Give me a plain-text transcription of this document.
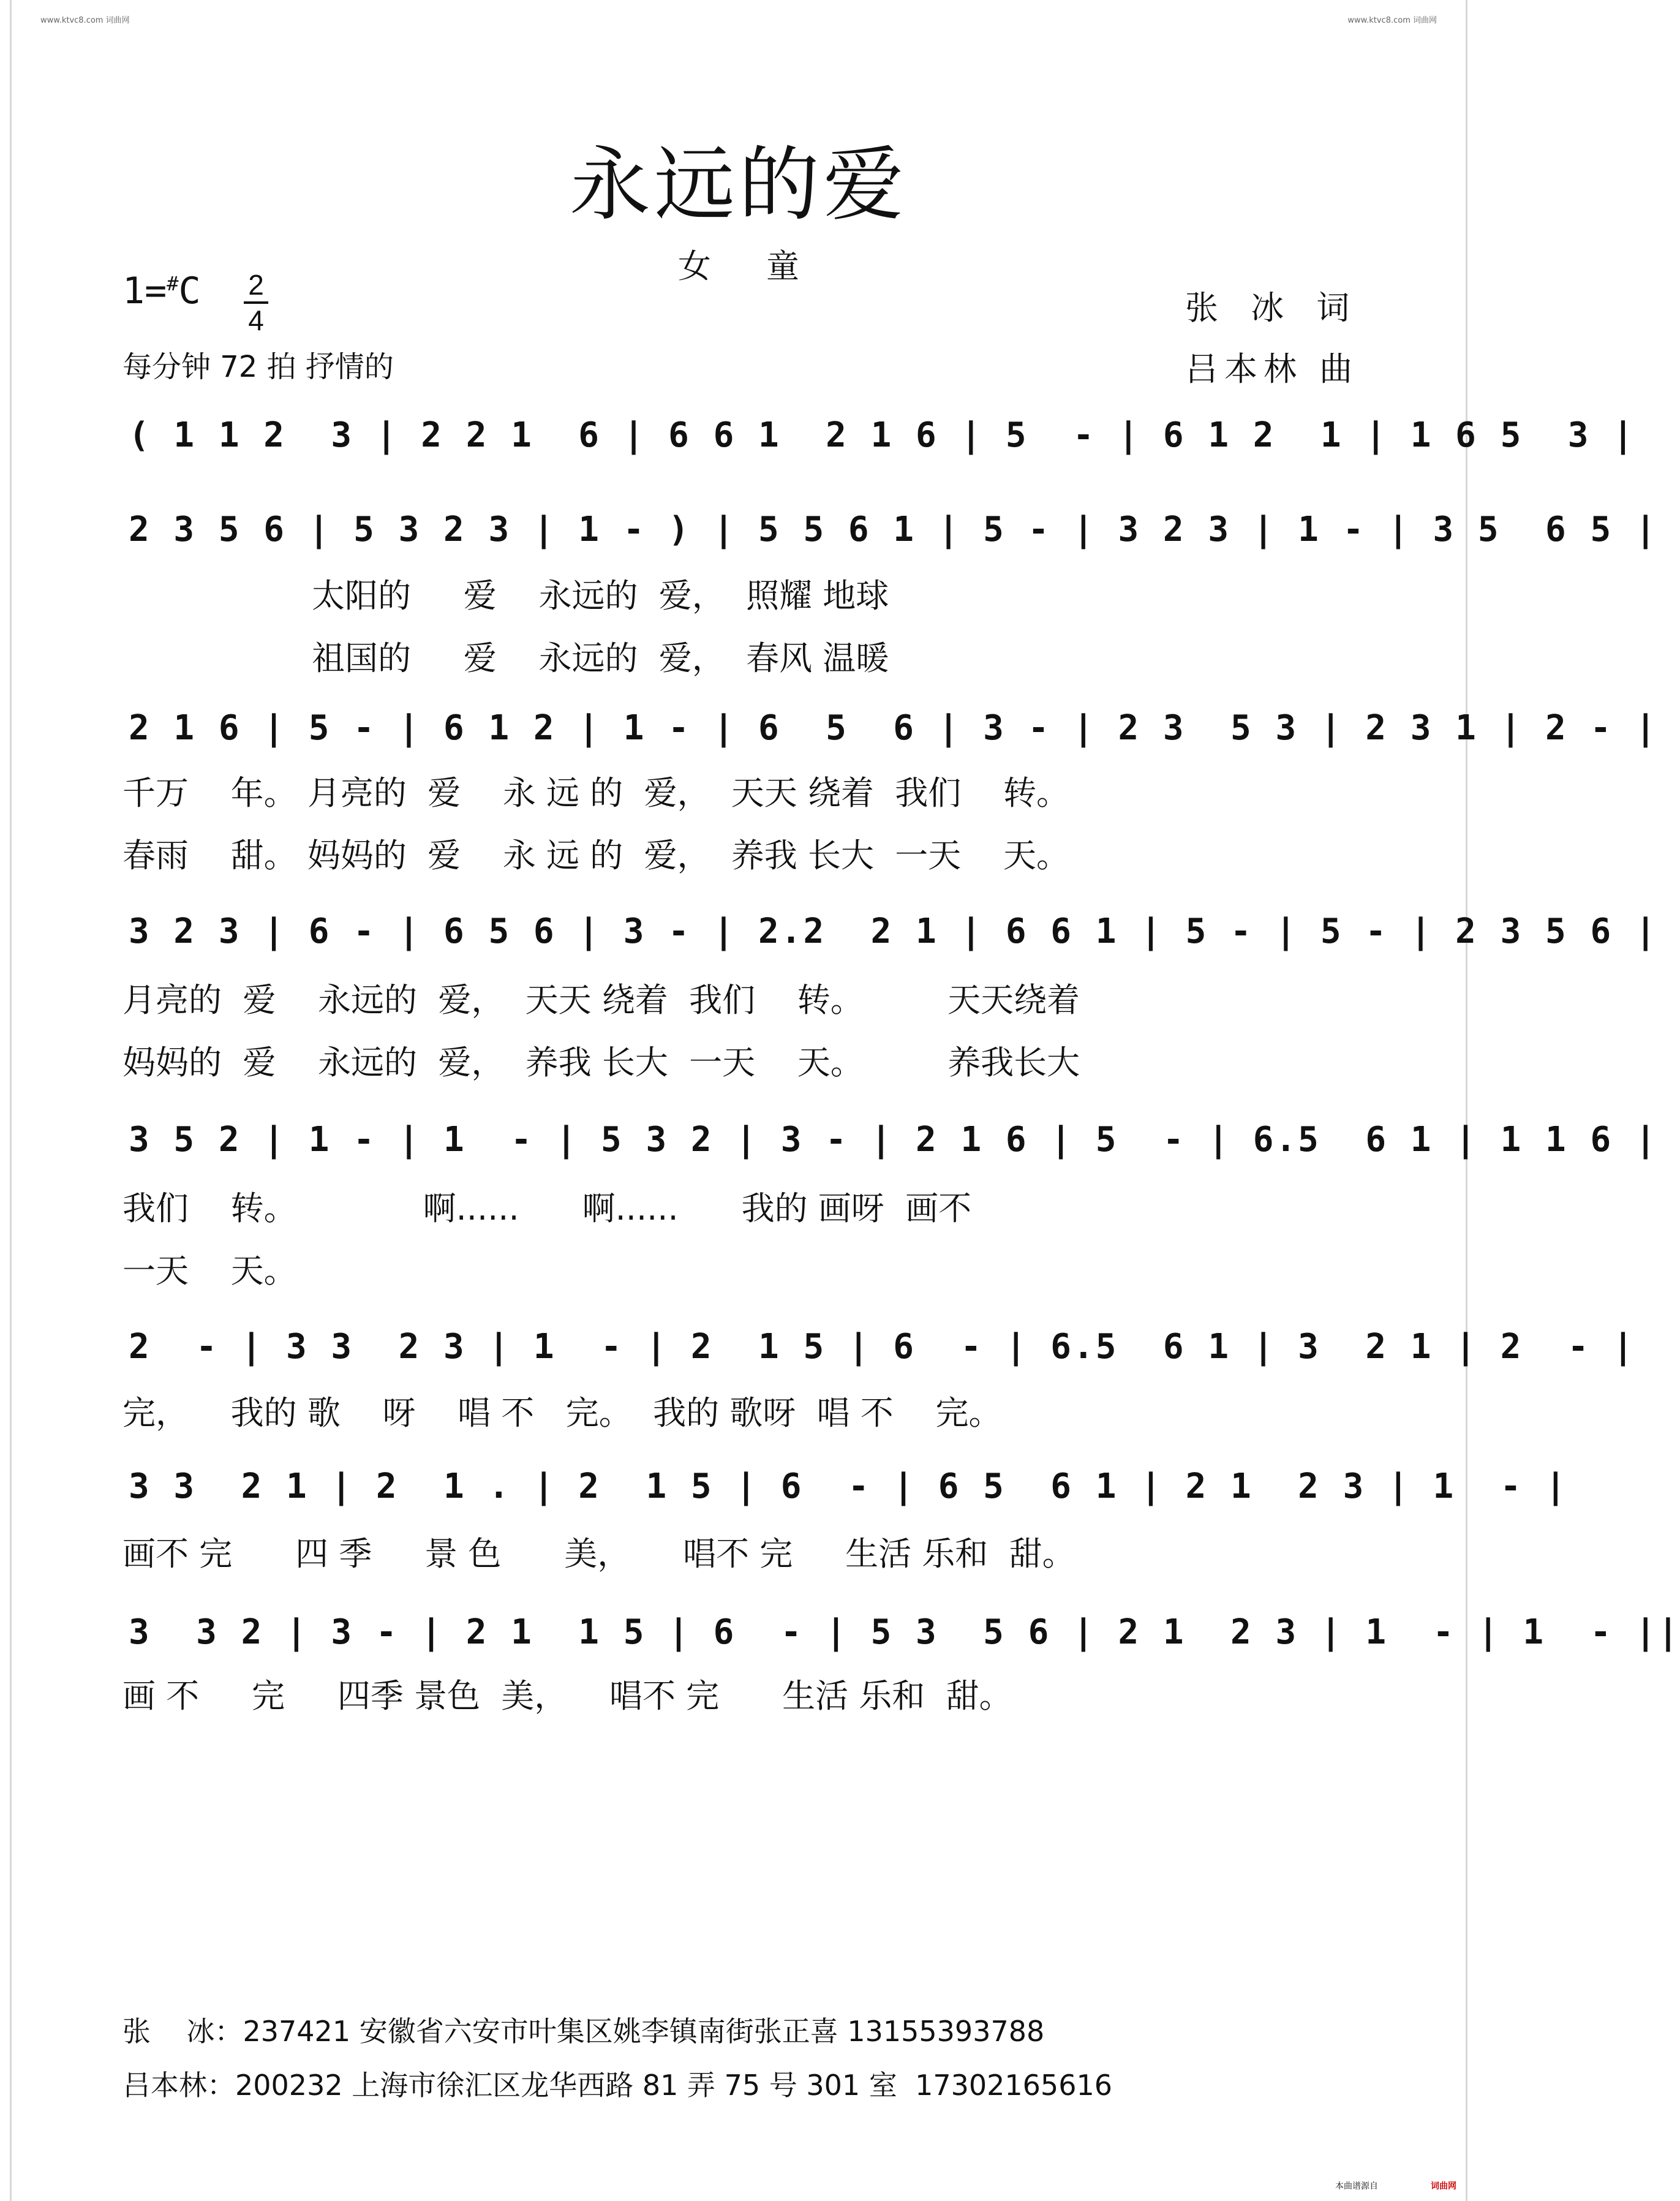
www.ktvc8.com 词曲网	www.ktvc8.com 词曲网
永远的爱
女童
1=#C 2
4	张 冰 词
吕本林 曲
每分钟 72 拍 抒情的
( 1 1 2  3 | 2 2 1  6 | 6 6 1  2 1 6 | 5  - | 6 1 2  1 | 1 6 5  3 |
2 3 5 6 | 5 3 2 3 | 1 - ) | 5 5 6 1 | 5 - | 3 2 3 | 1 - | 3 5  6 5 |
太阳的     爱    永远的  爱，  照耀 地球
祖国的     爱    永远的  爱，  春风 温暖
2 1 6 | 5 - | 6 1 2 | 1 - | 6  5  6 | 3 - | 2 3  5 3 | 2 3 1 | 2 - |
千万    年。 月亮的  爱    永 远 的  爱，  天天 绕着  我们    转。
春雨    甜。 妈妈的  爱    永 远 的  爱，  养我 长大  一天    天。
3 2 3 | 6 - | 6 5 6 | 3 - | 2.2  2 1 | 6 6 1 | 5 - | 5 - | 2 3 5 6 |
月亮的  爱    永远的  爱，  天天 绕着  我们    转。        天天绕着
妈妈的  爱    永远的  爱，  养我 长大  一天    天。        养我长大
3 5 2 | 1 - | 1  - | 5 3 2 | 3 - | 2 1 6 | 5  - | 6.5  6 1 | 1 1 6 |
我们    转。            啊......      啊......      我的 画呀  画不
一天    天。
2  - | 3 3  2 3 | 1  - | 2  1 5 | 6  - | 6.5  6 1 | 3  2 1 | 2  - |
完，    我的 歌    呀    唱 不   完。  我的 歌呀  唱 不    完。
3 3  2 1 | 2  1 . | 2  1 5 | 6  - | 6 5  6 1 | 2 1  2 3 | 1  - |
画不 完      四 季     景 色      美，     唱不 完     生活 乐和  甜。
3  3 2 | 3 - | 2 1  1 5 | 6  - | 5 3  5 6 | 2 1  2 3 | 1  - | 1  - ||
画 不     完     四季 景色  美，    唱不 完      生活 乐和  甜。
张    冰：237421 安徽省六安市叶集区姚李镇南街张正喜 13155393788
吕本林：200232 上海市徐汇区龙华西路 81 弄 75 号 301 室  17302165616
本曲谱源自	词曲网
